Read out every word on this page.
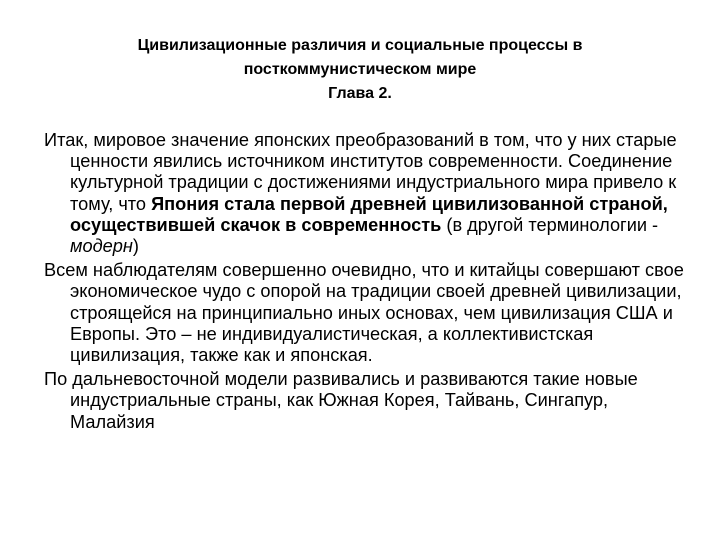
Цивилизационные различия и социальные процессы в
посткоммунистическом мире
Глава 2.

Итак, мировое значение японских преобразований в том, что у них старые ценности явились источником институтов современности. Соединение культурной традиции с достижениями индустриального мира привело к тому, что Япония стала первой древней цивилизованной страной, осуществившей скачок в современность (в другой терминологии - модерн)

Всем наблюдателям совершенно очевидно, что и китайцы совершают свое экономическое чудо с опорой на традиции своей древней цивилизации, строящейся на принципиально иных основах, чем цивилизация США и Европы. Это – не индивидуалистическая, а коллективистская цивилизация, также как и японская.

По дальневосточной модели развивались и развиваются такие новые индустриальные страны, как Южная Корея, Тайвань, Сингапур, Малайзия
